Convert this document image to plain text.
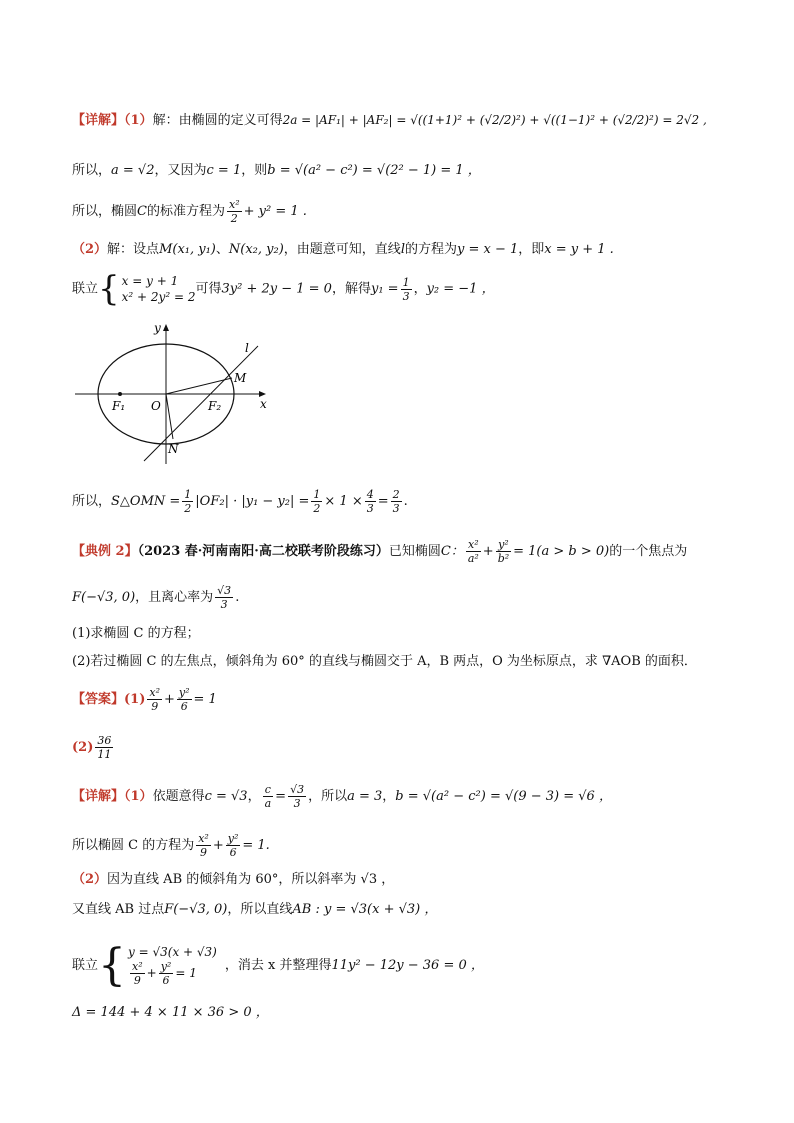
【详解】（1）解：由椭圆的定义可得2a = |AF₁| + |AF₂| = √((1+1)² + (√2/2)²) + √((1−1)² + (√2/2)²) = 2√2 ,
所以，a = √2，又因为c = 1，则b = √(a² − c²) = √(2² − 1) = 1 ，
所以，椭圆C的标准方程为 $\frac{\text{x²}}{2} + y^2 = 1$ .
（2）解：设点M(x₁, y₁)、N(x₂, y₂)，由题意可知，直线l的方程为y = x − 1，即x = y + 1 .
联立{ x = y + 1
x² + 2y² = 2
可得3y² + 2y − 1 = 0，解得$y_1 = \frac{1}{3}$ ，y₂ = −1 ，
y
x
l
M
F₁ O	F₂
N
所以，S△OMN = $\frac{1}{2} |OF_2| \cdot |y_1 - y_2| = \frac{1}{2} \times 1 \times \frac{4}{3} = \frac{2}{3}$ .
【典例 2】（2023 春·河南南阳·高二校联考阶段练习）已知椭圆C： $\frac{\text{x²}}{\text{a²}} + \frac{\text{y²}}{\text{b²}} = 1(a > b > 0)$的一个焦点为
F(−√3, 0)，且离心率为 $\frac{√3}{3}$ .
(1)求椭圆 C 的方程；
(2)若过椭圆 C 的左焦点，倾斜角为 60° 的直线与椭圆交于 A，B 两点，O 为坐标原点，求 ∇AOB 的面积．
【答案】$(1) \frac{\text{x²}}{9} + \frac{\text{y²}}{6} = 1$
$(2) \frac{36}{11}$
【详解】（1）依题意得c = √3， $\frac{c}{a} = \frac{√3}{3}$ ，所以a = 3，b = √(a² − c²) = √(9 − 3) = √6 ，
所以椭圆 C 的方程为 $\frac{\text{x²}}{9} + \frac{\text{y²}}{6} = 1$.
（2）因为直线 AB 的倾斜角为 60°，所以斜率为 √3 ，
又直线 AB 过点F(−√3, 0)，所以直线AB : y = √3(x + √3) ，
联立{ y = √3(x + √3)
$\frac{\text{x²}}{9} + \frac{\text{y²}}{6} = 1$	，消去 x 并整理得11y² − 12y − 36 = 0 ，
Δ = 144 + 4 × 11 × 36 > 0 ，
